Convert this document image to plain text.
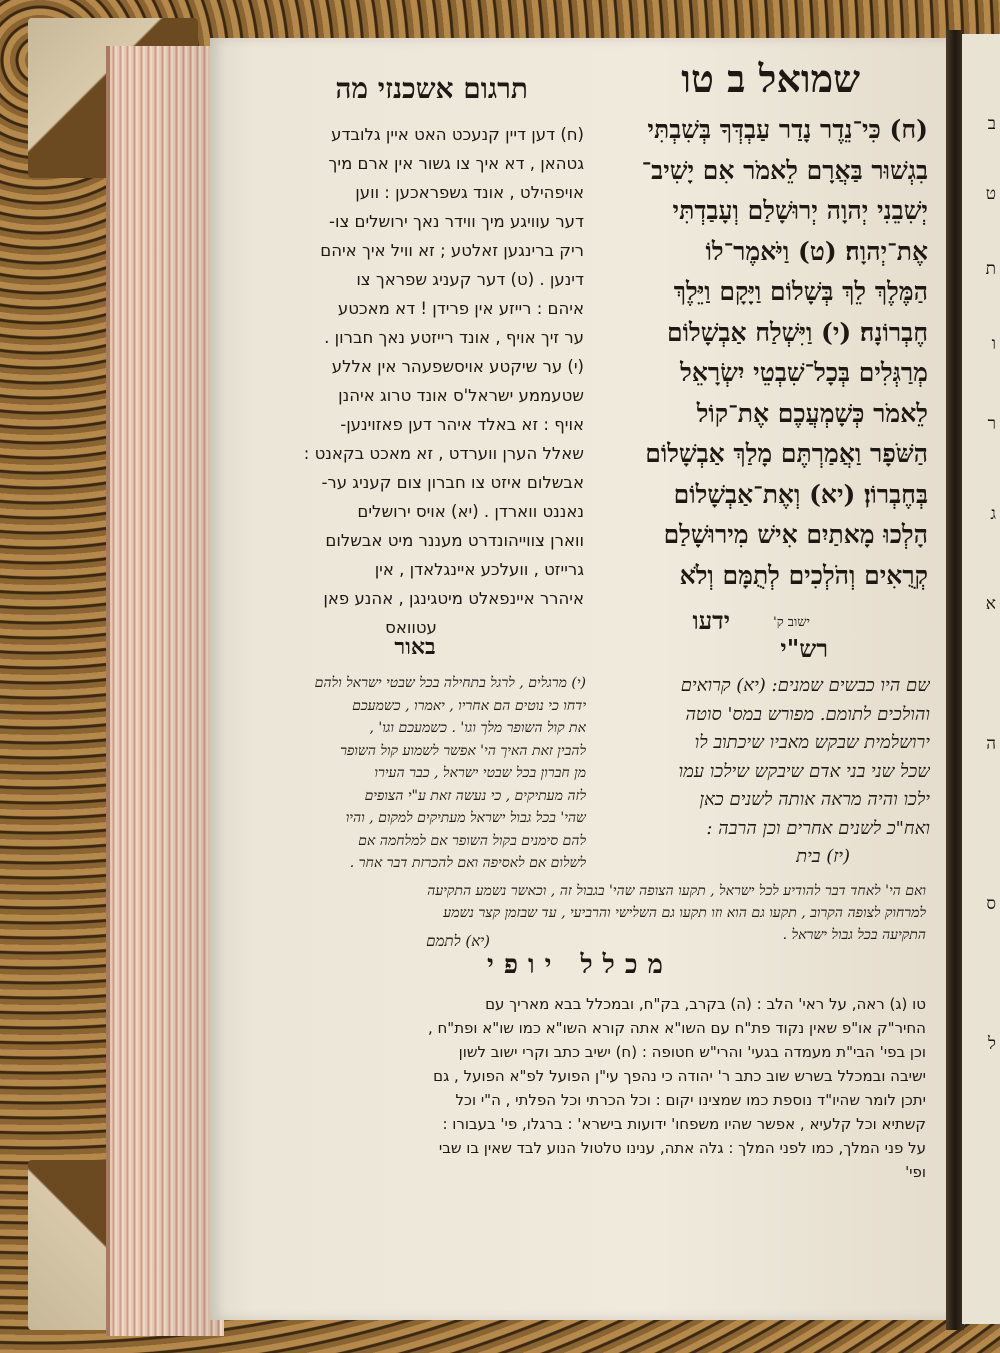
ב
ט
ת
ו
ר
ג
א
ה
ס
ל
תרגום אשכנזי מה	שמואל ב טו

(ח) כִּי־נֵדֶר נָדַר עַבְדְּךָ בְּשִׁבְתִּי

בִגְשׁוּר בַּאֲרָם לֵאמֹר אִם יָשִׁיב־

יְשִׁבֵנִי יְהוָה יְרוּשָׁלַם וְעָבַדְתִּי

אֶת־יְהוָה׃ (ט) וַיֹּאמֶר־לוֹ

הַמֶּלֶךְ לֵךְ בְּשָׁלוֹם וַיָּקָם וַיֵּלֶךְ

חֶבְרוֹנָה׃ (י) וַיִּשְׁלַח אַבְשָׁלוֹם

מְרַגְּלִים בְּכָל־שִׁבְטֵי יִשְׂרָאֵל

לֵאמֹר כְּשָׁמְעֲכֶם אֶת־קוֹל

הַשֹּׁפָר וַאֲמַרְתֶּם מָלַךְ אַבְשָׁלוֹם

בְּחֶבְרוֹן׃ (יא) וְאֶת־אַבְשָׁלוֹם

הָלְכוּ מָאתַיִם אִישׁ מִירוּשָׁלַם

קְרֻאִים וְהֹלְכִים לְתֻמָּם וְלֹא

(ח) דען דיין קנעכט האט איין גלובדע

גטהאן , דא איך צו גשור אין ארם מיך

אויפהילט , אונד גשפראכען : ווען

דער עוויגע מיך ווידר נאך ירושלים צו-

ריק ברינגען זאלטע ; זא וויל איך איהם

דינען . (ט) דער קעניג שפראך צו

איהם : רייזע אין פרידן ! דא מאכטע

ער זיך אויף , אונד רייזטע נאך חברון .

(י) ער שיקטע אויסשפעהר אין אללע

שטעממע ישראל'ס אונד טרוג איהנן

אויף : זא באלד איהר דען פאזוינען-

שאלל הערן ווערדט , זא מאכט בקאנט :

אבשלום איזט צו חברון צום קעניג ער-

נאננט ווארדן . (יא) אויס ירושלים

ווארן צווייהונדרט מעננר מיט אבשלום

גרייזט , וועלכע איינגלאדן , אין

איהרר איינפאלט מיטגינגן , אהנע פאן

עטוואס

באור
ישוב ק'
ידעו
רש"י

שם היו כבשים שמנים: (יא) קרואים

והולכים לתומם. מפורש במס' סוטה

ירושלמית שבקש מאביו שיכתוב לו

שכל שני בני אדם שיבקש שילכו עמו

ילכו והיה מראה אותה לשנים כאן

ואח"כ לשנים אחרים וכן הרבה :

(יז) בית

(י) מרגלים , לרגל בתחילה בכל שבטי ישראל ולהם

ידחו כי נוטים הם אחריו , יאמרו , כשמעכם

את קול השופר מלך וגו' . כשמעכם וגו' ,

להבין זאת האיך הי' אפשר לשמוע קול השופר

מן חברון בכל שבטי ישראל , כבר העירו

לזה מעתיקים , כי נעשה זאת ע"י הצופים

שהי' בכל גבול ישראל מעתיקים למקום , והיו

להם סימנים בקול השופר אם למלחמה אם

לשלום אם לאסיפה ואם להכרזת דבר אחר .

ואם הי' לאחד דבר להודיע לכל ישראל , תקעו הצופה שהי' בגבול זה , וכאשר נשמע התקיעה

למרחוק לצופה הקרוב , תקעו גם הוא וזו תקעו גם השלישי והרביעי , עד שבזמן קצר נשמע

התקיעה בכל גבול ישראל .

(יא) לתמם
מכלל יופי

טו (ג) ראה, על ראי' הלב : (ה) בקרב, בק"ח, ובמכלל בבא מאריך עם

החיר"ק או"פ שאין נקוד פת"ח עם השו"א אתה קורא השו"א כמו שו"א ופת"ח ,

וכן בפי' הבי"ת מעמדה בגעי' והרי"ש חטופה : (ח) ישיב כתב וקרי ישוב לשון

ישיבה ובמכלל בשרש שוב כתב ר' יהודה כי נהפך עי"ן הפועל לפ"א הפועל , גם

יתכן לומר שהיו"ד נוספת כמו שמצינו יקום : וכל הכרתי וכל הפלתי , ה"י וכל

קשתיא וכל קלעיא , אפשר שהיו משפחו' ידועות בישרא' : ברגלו, פי' בעבורו :

על פני המלך, כמו לפני המלך : גלה אתה, ענינו טלטול הנוע לבד שאין בו שבי

ופי'
